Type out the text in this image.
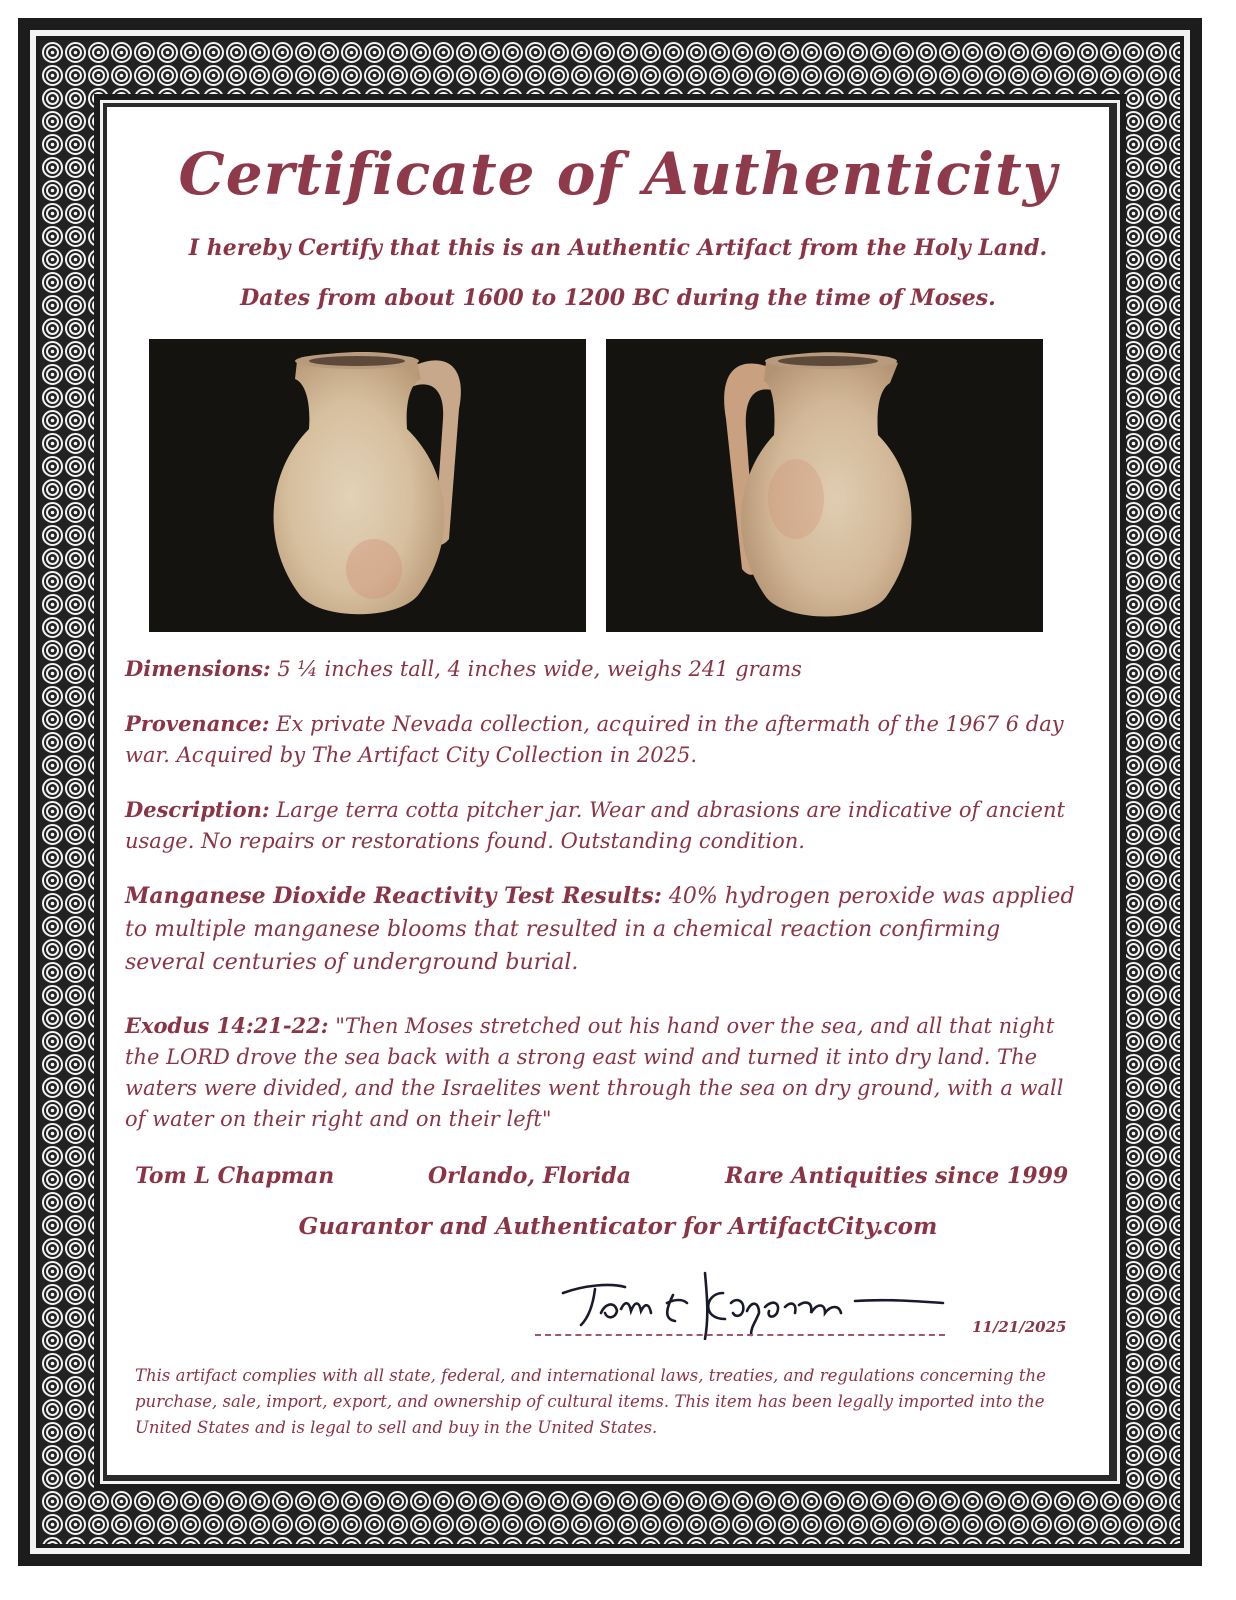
Certificate of Authenticity

I hereby Certify that this is an Authentic Artifact from the Holy Land.

Dates from about 1600 to 1200 BC during the time of Moses.

Dimensions: 5 ¼ inches tall, 4 inches wide, weighs 241 grams

Provenance: Ex private Nevada collection, acquired in the aftermath of the 1967 6 day war. Acquired by The Artifact City Collection in 2025.

Description: Large terra cotta pitcher jar. Wear and abrasions are indicative of ancient usage. No repairs or restorations found. Outstanding condition.

Manganese Dioxide Reactivity Test Results: 40% hydrogen peroxide was applied to multiple manganese blooms that resulted in a chemical reaction confirming several centuries of underground burial.

Exodus 14:21-22: "Then Moses stretched out his hand over the sea, and all that night the LORD drove the sea back with a strong east wind and turned it into dry land. The waters were divided, and the Israelites went through the sea on dry ground, with a wall of water on their right and on their left"

Tom L Chapman	Orlando, Florida	Rare Antiquities since 1999

Guarantor and Authenticator for ArtifactCity.com

11/21/2025

This artifact complies with all state, federal, and international laws, treaties, and regulations concerning the purchase, sale, import, export, and ownership of cultural items. This item has been legally imported into the United States and is legal to sell and buy in the United States.
